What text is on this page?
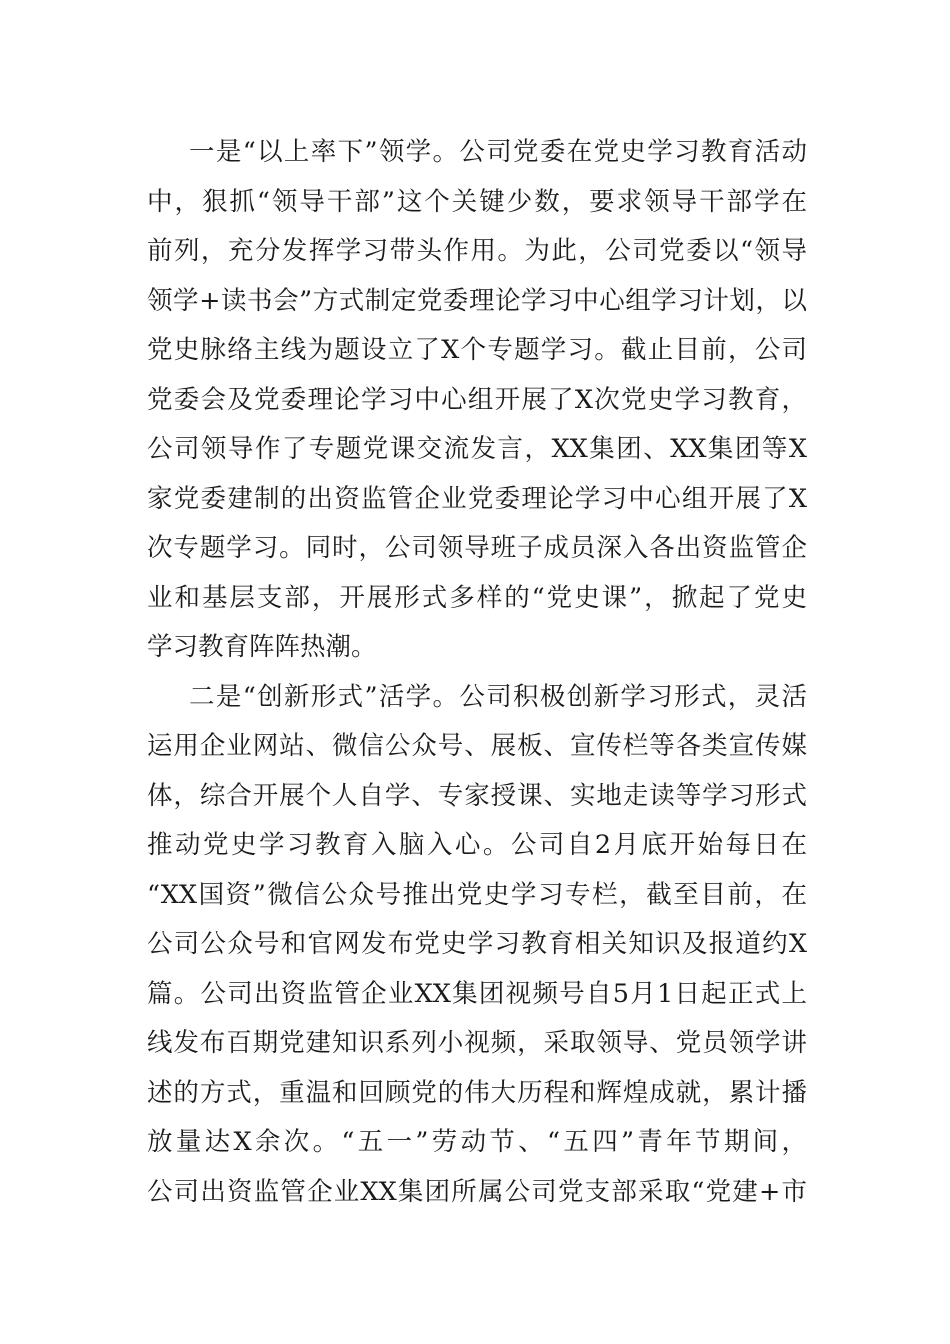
一是“以上率下”领学。公司党委在党史学习教育活动
中，狠抓“领导干部”这个关键少数，要求领导干部学在
前列，充分发挥学习带头作用。为此，公司党委以“领导
领学+读书会”方式制定党委理论学习中心组学习计划，以
党史脉络主线为题设立了X个专题学习。截止目前，公司
党委会及党委理论学习中心组开展了X次党史学习教育，
公司领导作了专题党课交流发言，XX集团、XX集团等X
家党委建制的出资监管企业党委理论学习中心组开展了X
次专题学习。同时，公司领导班子成员深入各出资监管企
业和基层支部，开展形式多样的“党史课”，掀起了党史
学习教育阵阵热潮。
二是“创新形式”活学。公司积极创新学习形式，灵活
运用企业网站、微信公众号、展板、宣传栏等各类宣传媒
体，综合开展个人自学、专家授课、实地走读等学习形式
推动党史学习教育入脑入心。公司自2月底开始每日在
“XX国资”微信公众号推出党史学习专栏，截至目前，在
公司公众号和官网发布党史学习教育相关知识及报道约X
篇。公司出资监管企业XX集团视频号自5月1日起正式上
线发布百期党建知识系列小视频，采取领导、党员领学讲
述的方式，重温和回顾党的伟大历程和辉煌成就，累计播
放量达X余次。“五一”劳动节、“五四”青年节期间，
公司出资监管企业XX集团所属公司党支部采取“党建+市
